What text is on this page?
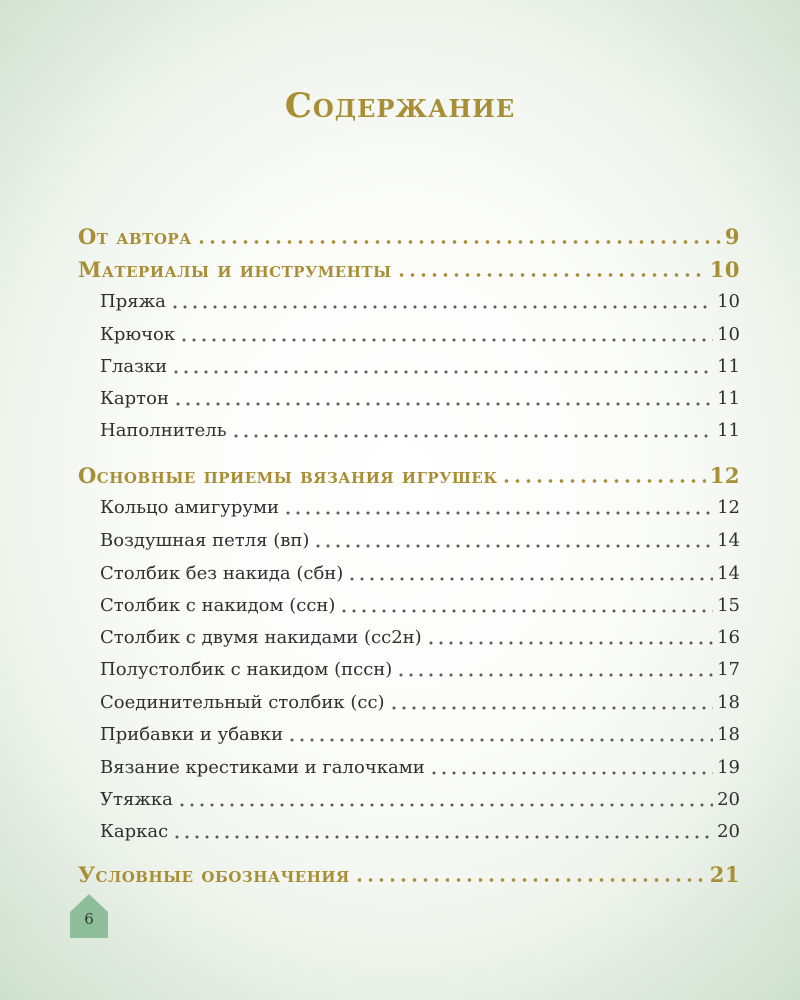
Содержание
От автора	9
Материалы и инструменты	10
Пряжа	10
Крючок	10
Глазки	11
Картон	11
Наполнитель	11
Основные приемы вязания игрушек	12
Кольцо амигуруми	12
Воздушная петля (вп)	14
Столбик без накида (сбн)	14
Столбик с накидом (ссн)	15
Столбик с двумя накидами (сс2н)	16
Полустолбик с накидом (пссн)	17
Соединительный столбик (сс)	18
Прибавки и убавки	18
Вязание крестиками и галочками	19
Утяжка	20
Каркас	20
Условные обозначения	21
6
